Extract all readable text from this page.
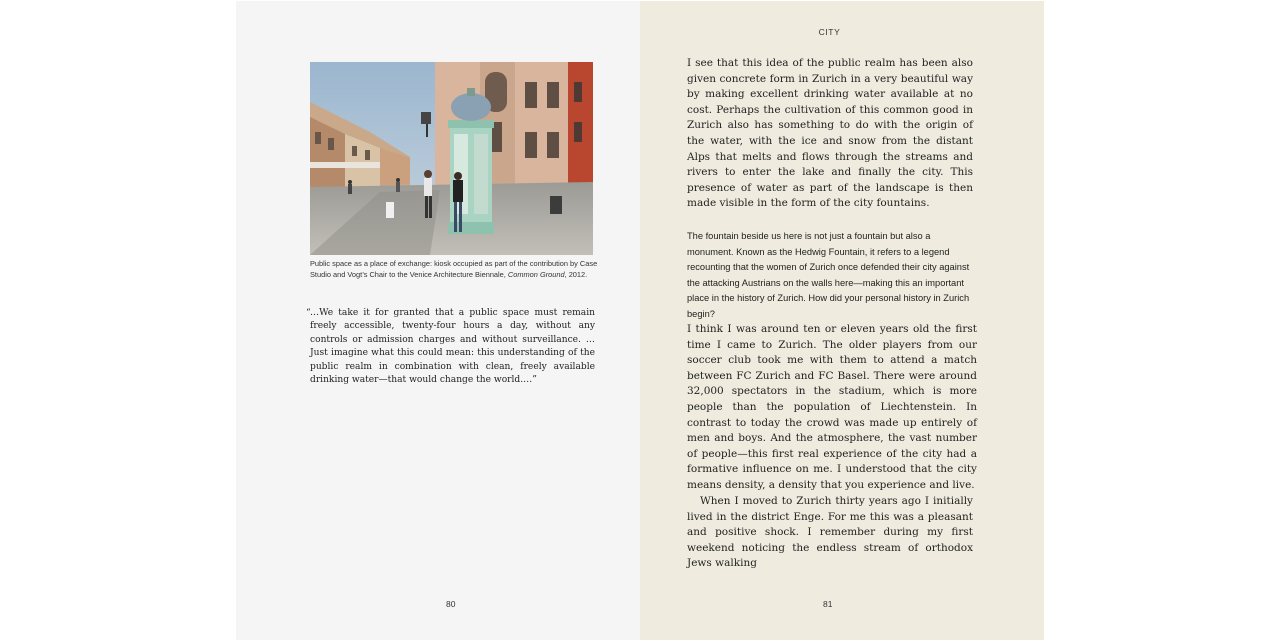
Public space as a place of exchange: kiosk occupied as part of the contribution by Case Studio and Vogt’s Chair to the Venice Architecture Biennale, Common Ground, 2012.
“ …We take it for granted that a public space must remain freely accessible, twenty-four hours a day, without any controls or admission charges and without surveillance. … Just imagine what this could mean: this understanding of the public realm in combination with clean, freely available drinking water—that would change the world.…”
80
CITY

I see that this idea of the public realm has been also given concrete form in Zurich in a very beautiful way by making excellent drinking water available at no cost. Perhaps the cultivation of this common good in Zurich also has something to do with the origin of the water, with the ice and snow from the distant Alps that melts and flows through the streams and rivers to enter the lake and finally the city. This presence of water as part of the landscape is then made visible in the form of the city fountains.

The fountain beside us here is not just a fountain but also a monument. Known as the Hedwig Fountain, it refers to a legend recounting that the women of Zurich once defended their city against the attacking Austrians on the walls here—making this an important place in the history of Zurich. How did your personal history in Zurich begin?

I think I was around ten or eleven years old the first time I came to Zurich. The older players from our soccer club took me with them to attend a match between FC Zurich and FC Basel. There were around 32,000 spectators in the stadium, which is more people than the population of Liechtenstein. In contrast to today the crowd was made up entirely of men and boys. And the atmosphere, the vast number of people—this first real experience of the city had a formative influence on me. I understood that the city means density, a density that you experience and live.

When I moved to Zurich thirty years ago I initially lived in the district Enge. For me this was a pleasant and positive shock. I remember during my first weekend noticing the endless stream of orthodox Jews walking

81
